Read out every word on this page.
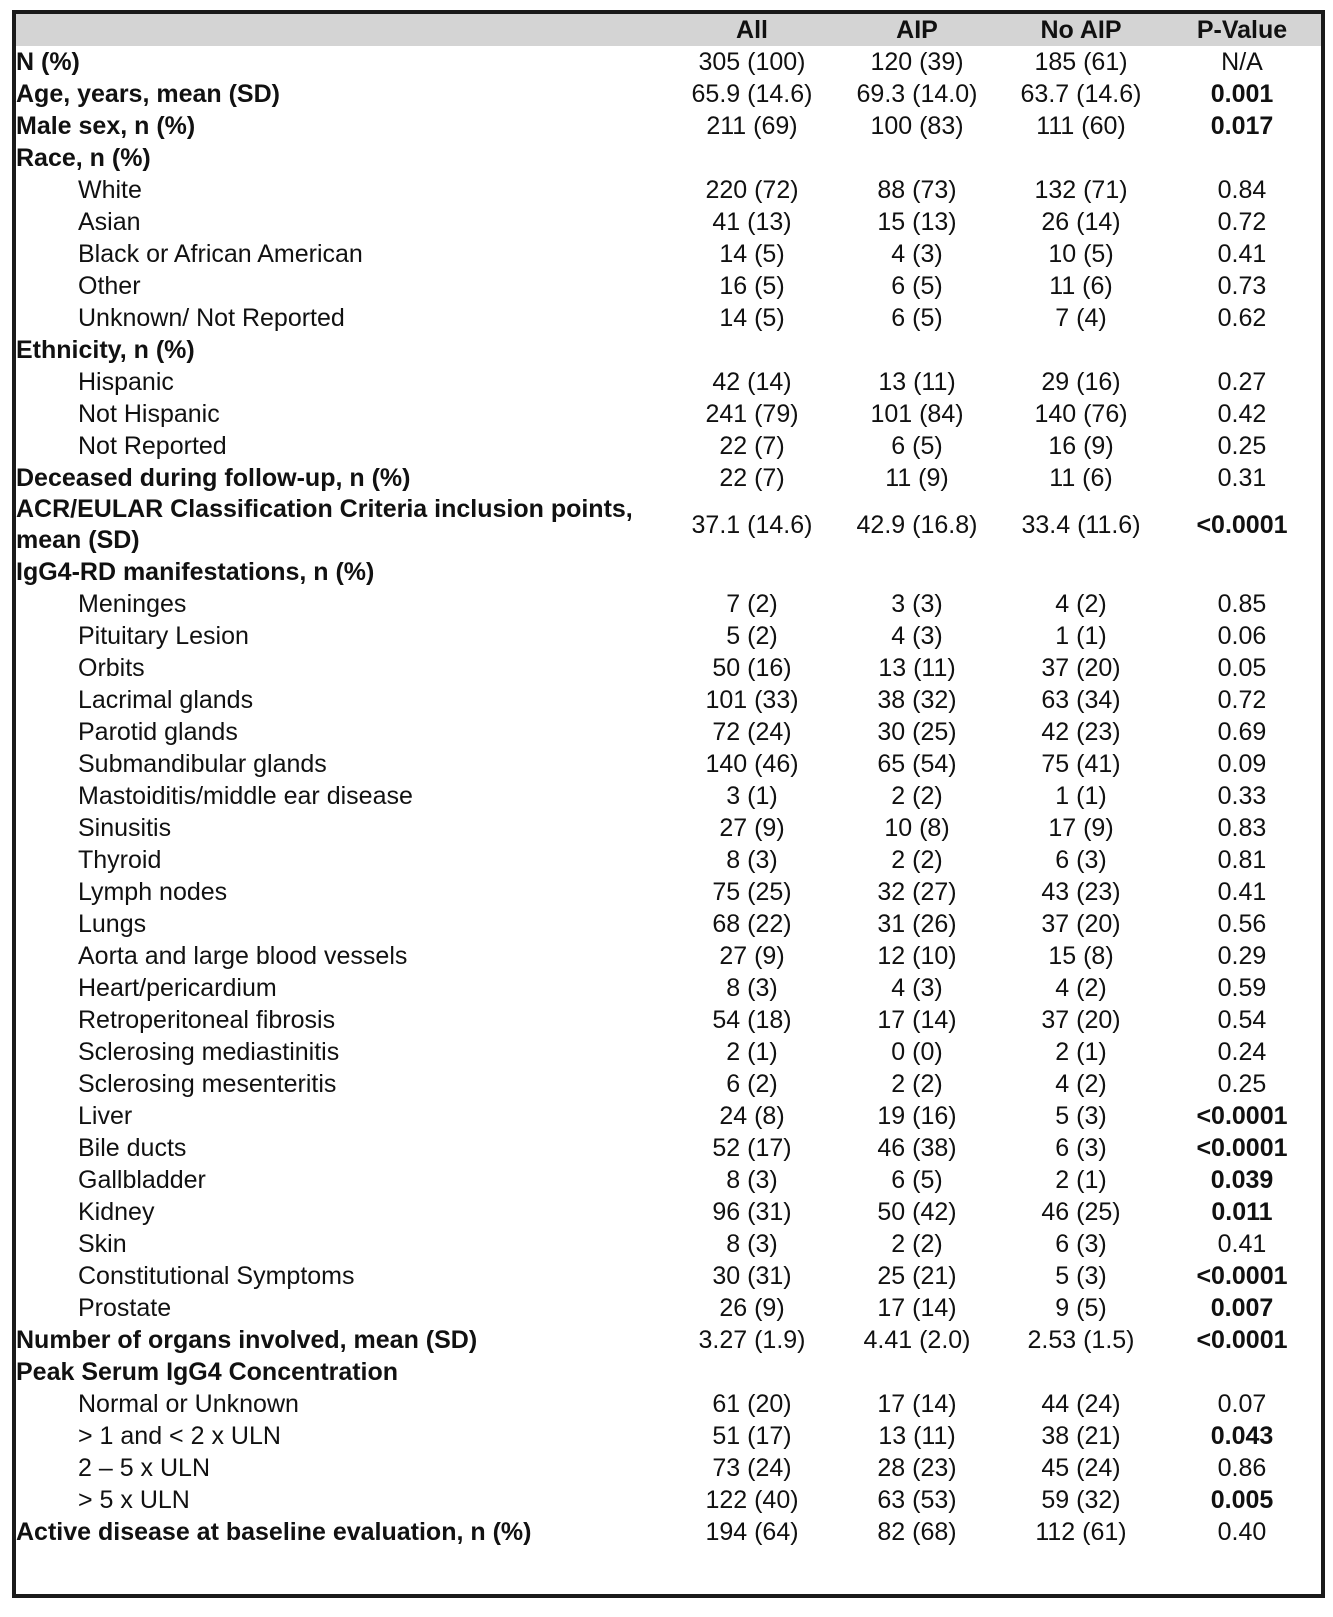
	All	AIP	No AIP	P-Value
N (%)	305 (100)	120 (39)	185 (61)	N/A
Age, years, mean (SD)	65.9 (14.6)	69.3 (14.0)	63.7 (14.6)	0.001
Male sex, n (%)	211 (69)	100 (83)	111 (60)	0.017
Race, n (%)				
White	220 (72)	88 (73)	132 (71)	0.84
Asian	41 (13)	15 (13)	26 (14)	0.72
Black or African American	14 (5)	4 (3)	10 (5)	0.41
Other	16 (5)	6 (5)	11 (6)	0.73
Unknown/ Not Reported	14 (5)	6 (5)	7 (4)	0.62
Ethnicity, n (%)				
Hispanic	42 (14)	13 (11)	29 (16)	0.27
Not Hispanic	241 (79)	101 (84)	140 (76)	0.42
Not Reported	22 (7)	6 (5)	16 (9)	0.25
Deceased during follow-up, n (%)	22 (7)	11 (9)	11 (6)	0.31
ACR/EULAR Classification Criteria inclusion points, mean (SD)	37.1 (14.6)	42.9 (16.8)	33.4 (11.6)	<0.0001
IgG4-RD manifestations, n (%)				
Meninges	7 (2)	3 (3)	4 (2)	0.85
Pituitary Lesion	5 (2)	4 (3)	1 (1)	0.06
Orbits	50 (16)	13 (11)	37 (20)	0.05
Lacrimal glands	101 (33)	38 (32)	63 (34)	0.72
Parotid glands	72 (24)	30 (25)	42 (23)	0.69
Submandibular glands	140 (46)	65 (54)	75 (41)	0.09
Mastoiditis/middle ear disease	3 (1)	2 (2)	1 (1)	0.33
Sinusitis	27 (9)	10 (8)	17 (9)	0.83
Thyroid	8 (3)	2 (2)	6 (3)	0.81
Lymph nodes	75 (25)	32 (27)	43 (23)	0.41
Lungs	68 (22)	31 (26)	37 (20)	0.56
Aorta and large blood vessels	27 (9)	12 (10)	15 (8)	0.29
Heart/pericardium	8 (3)	4 (3)	4 (2)	0.59
Retroperitoneal fibrosis	54 (18)	17 (14)	37 (20)	0.54
Sclerosing mediastinitis	2 (1)	0 (0)	2 (1)	0.24
Sclerosing mesenteritis	6 (2)	2 (2)	4 (2)	0.25
Liver	24 (8)	19 (16)	5 (3)	<0.0001
Bile ducts	52 (17)	46 (38)	6 (3)	<0.0001
Gallbladder	8 (3)	6 (5)	2 (1)	0.039
Kidney	96 (31)	50 (42)	46 (25)	0.011
Skin	8 (3)	2 (2)	6 (3)	0.41
Constitutional Symptoms	30 (31)	25 (21)	5 (3)	<0.0001
Prostate	26 (9)	17 (14)	9 (5)	0.007
Number of organs involved, mean (SD)	3.27 (1.9)	4.41 (2.0)	2.53 (1.5)	<0.0001
Peak Serum IgG4 Concentration				
Normal or Unknown	61 (20)	17 (14)	44 (24)	0.07
> 1 and < 2 x ULN	51 (17)	13 (11)	38 (21)	0.043
2 – 5 x ULN	73 (24)	28 (23)	45 (24)	0.86
> 5 x ULN	122 (40)	63 (53)	59 (32)	0.005
Active disease at baseline evaluation, n (%)	194 (64)	82 (68)	112 (61)	0.40
